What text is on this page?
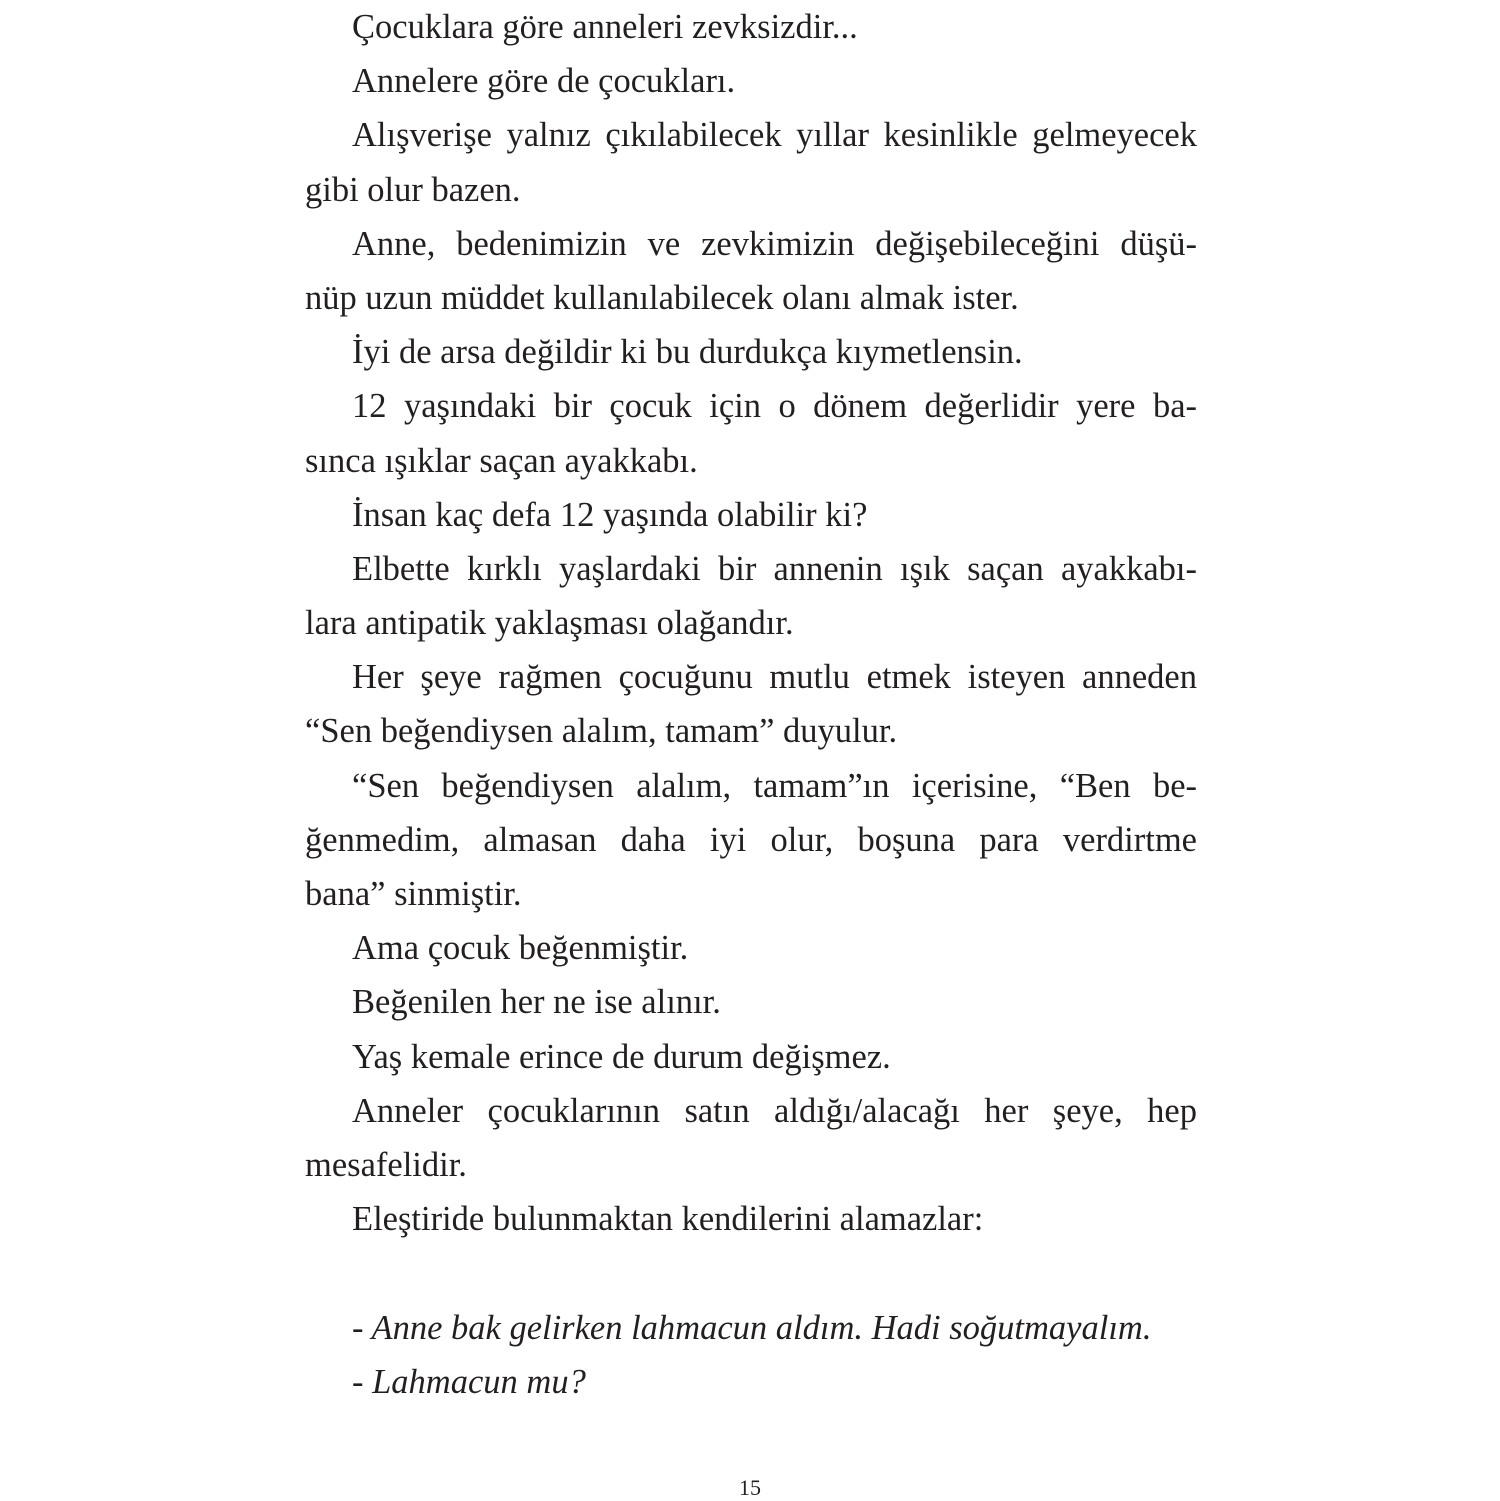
Çocuklara göre anneleri zevksizdir...
Annelere göre de çocukları.
Alışverişe yalnız çıkılabilecek yıllar kesinlikle gelmeyecek
gibi olur bazen.
Anne, bedenimizin ve zevkimizin değişebileceğini düşü-
nüp uzun müddet kullanılabilecek olanı almak ister.
İyi de arsa değildir ki bu durdukça kıymetlensin.
12 yaşındaki bir çocuk için o dönem değerlidir yere ba-
sınca ışıklar saçan ayakkabı.
İnsan kaç defa 12 yaşında olabilir ki?
Elbette kırklı yaşlardaki bir annenin ışık saçan ayakkabı-
lara antipatik yaklaşması olağandır.
Her şeye rağmen çocuğunu mutlu etmek isteyen anneden
“Sen beğendiysen alalım, tamam” duyulur.
“Sen beğendiysen alalım, tamam”ın içerisine, “Ben be-
ğenmedim, almasan daha iyi olur, boşuna para verdirtme
bana” sinmiştir.
Ama çocuk beğenmiştir.
Beğenilen her ne ise alınır.
Yaş kemale erince de durum değişmez.
Anneler çocuklarının satın aldığı/alacağı her şeye, hep
mesafelidir.
Eleştiride bulunmaktan kendilerini alamazlar:
- Anne bak gelirken lahmacun aldım. Hadi soğutmayalım.
- Lahmacun mu?
15
